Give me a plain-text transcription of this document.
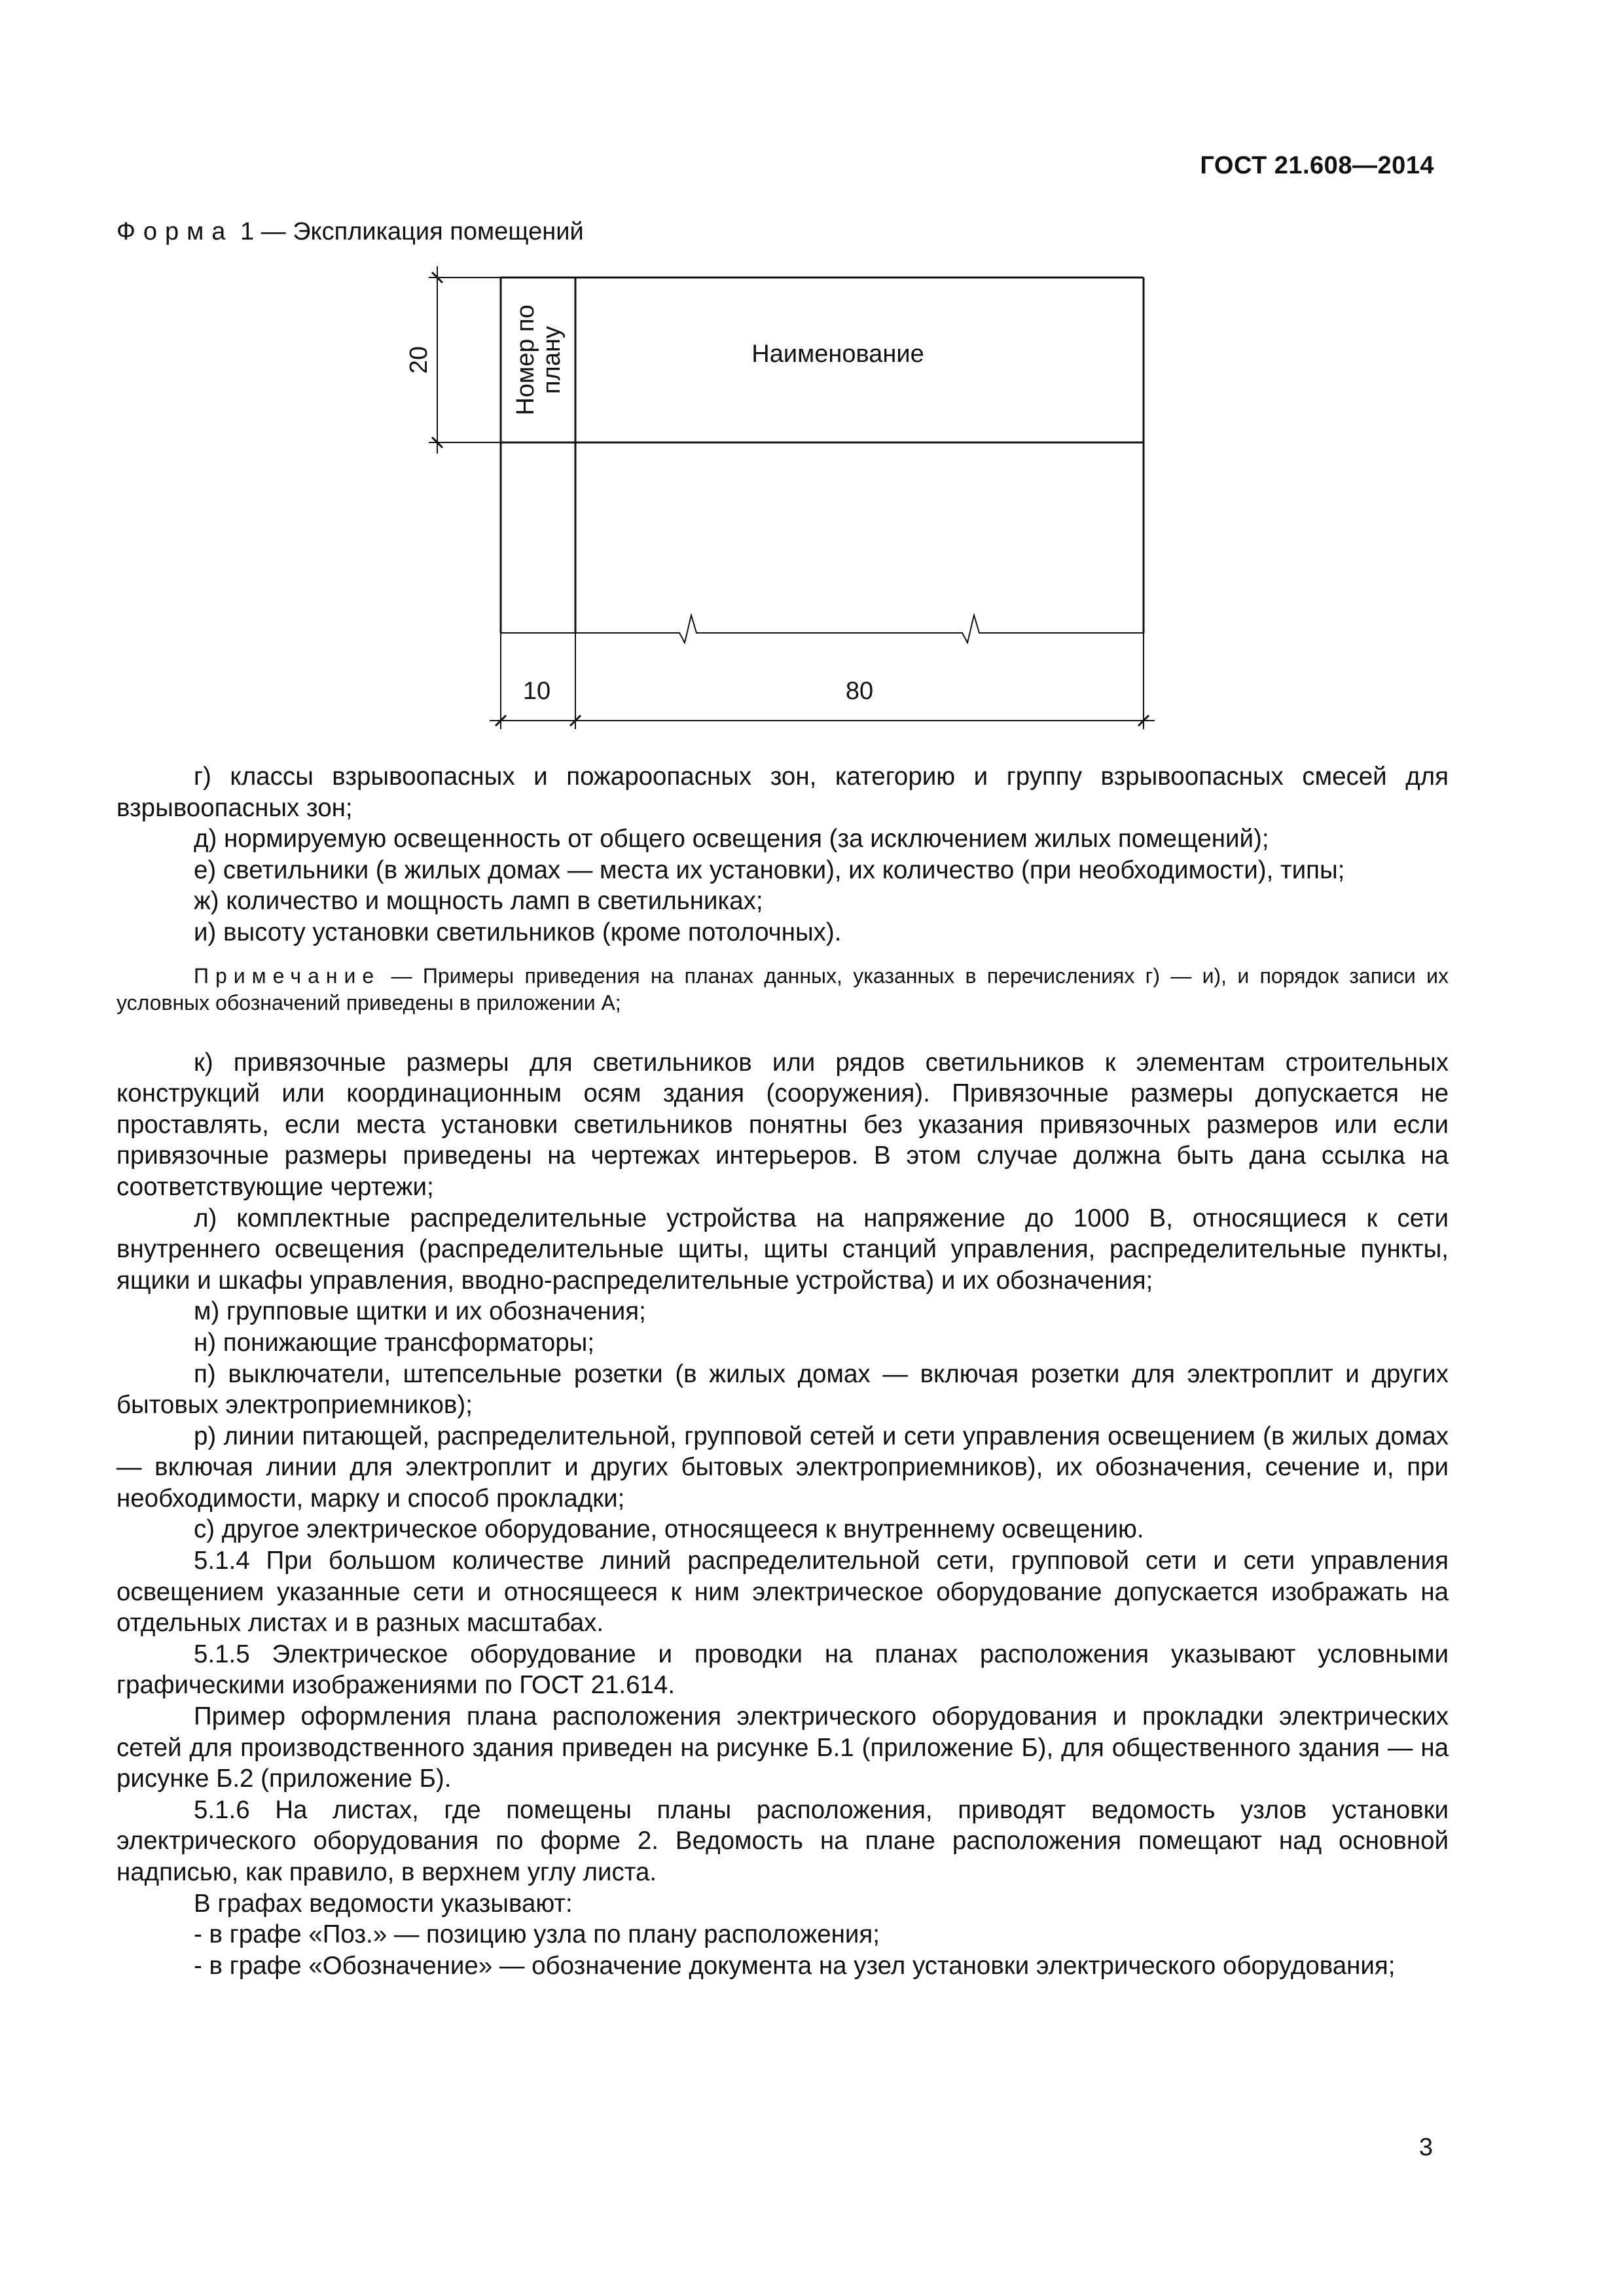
ГОСТ 21.608—2014
Форма 1 — Экспликация помещений
Наименование
Номер по
плану
20
10	80

г) классы взрывоопасных и пожароопасных зон, категорию и группу взрывоопасных смесей для взрывоопасных зон;

д) нормируемую освещенность от общего освещения (за исключением жилых помещений);

е) светильники (в жилых домах — места их установки), их количество (при необходимости), типы;

ж) количество и мощность ламп в светильниках;

и) высоту установки светильников (кроме потолочных).

Примечание — Примеры приведения на планах данных, указанных в перечислениях г) — и), и порядок записи их условных обозначений приведены в приложении А;

к) привязочные размеры для светильников или рядов светильников к элементам строительных конструкций или координационным осям здания (сооружения). Привязочные размеры допускается не проставлять, если места установки светильников понятны без указания привязочных размеров или если привязочные размеры приведены на чертежах интерьеров. В этом случае должна быть дана ссылка на соответствующие чертежи;

л) комплектные распределительные устройства на напряжение до 1000 В, относящиеся к сети внутреннего освещения (распределительные щиты, щиты станций управления, распределительные пункты, ящики и шкафы управления, вводно-распределительные устройства) и их обозначения;

м) групповые щитки и их обозначения;

н) понижающие трансформаторы;

п) выключатели, штепсельные розетки (в жилых домах — включая розетки для электроплит и других бытовых электроприемников);

р) линии питающей, распределительной, групповой сетей и сети управления освещением (в жилых домах — включая линии для электроплит и других бытовых электроприемников), их обозначения, сечение и, при необходимости, марку и способ прокладки;

с) другое электрическое оборудование, относящееся к внутреннему освещению.

5.1.4 При большом количестве линий распределительной сети, групповой сети и сети управления освещением указанные сети и относящееся к ним электрическое оборудование допускается изображать на отдельных листах и в разных масштабах.

5.1.5 Электрическое оборудование и проводки на планах расположения указывают условными графическими изображениями по ГОСТ 21.614.

Пример оформления плана расположения электрического оборудования и прокладки электрических сетей для производственного здания приведен на рисунке Б.1 (приложение Б), для общественного здания — на рисунке Б.2 (приложение Б).

5.1.6 На листах, где помещены планы расположения, приводят ведомость узлов установки электрического оборудования по форме 2. Ведомость на плане расположения помещают над основной надписью, как правило, в верхнем углу листа.

В графах ведомости указывают:

- в графе «Поз.» — позицию узла по плану расположения;

- в графе «Обозначение» — обозначение документа на узел установки электрического оборудования;

3
